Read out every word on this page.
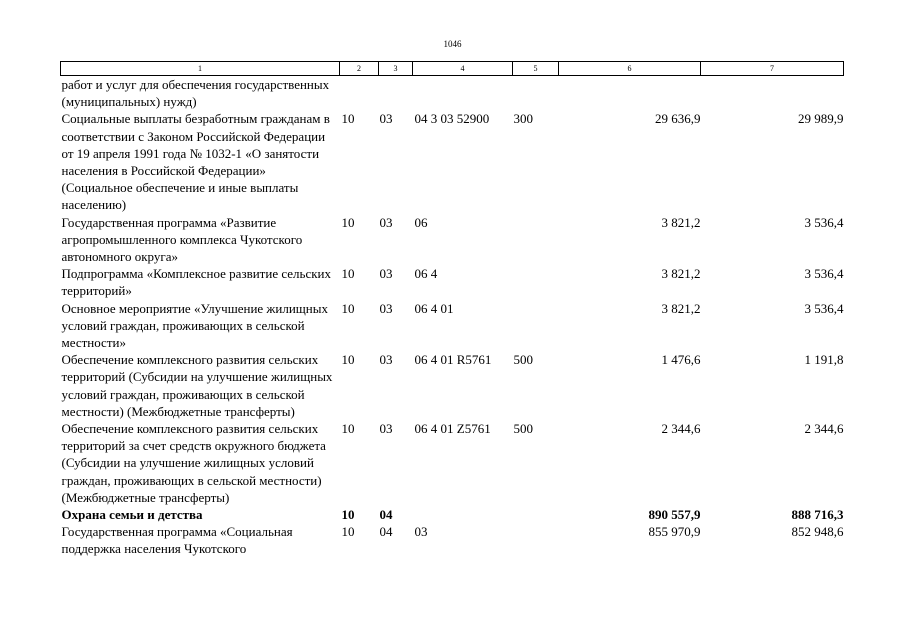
1046
1	2	3	4	5	6	7
работ и услуг для обеспечения государственных (муниципальных) нужд)						
Социальные выплаты безработным гражданам в соответствии с Законом Российской Федерации от 19 апреля 1991 года № 1032-1 «О занятости населения в Российской Федерации» (Социальное обеспечение и иные выплаты населению)	10	03	04 3 03 52900	300	29 636,9	29 989,9
Государственная программа «Развитие агропромышленного комплекса Чукотского автономного округа»	10	03	06		3 821,2	3 536,4
Подпрограмма «Комплексное развитие сельских территорий»	10	03	06 4		3 821,2	3 536,4
Основное мероприятие «Улучшение жилищных условий граждан, проживающих в сельской местности»	10	03	06 4 01		3 821,2	3 536,4
Обеспечение комплексного развития сельских территорий (Субсидии на улучшение жилищных условий граждан, проживающих в сельской местности) (Межбюджетные трансферты)	10	03	06 4 01 R5761	500	1 476,6	1 191,8
Обеспечение комплексного развития сельских территорий за счет средств окружного бюджета (Субсидии на улучшение жилищных условий граждан, проживающих в сельской местности) (Межбюджетные трансферты)	10	03	06 4 01 Z5761	500	2 344,6	2 344,6
Охрана семьи и детства	10	04			890 557,9	888 716,3
Государственная программа «Социальная поддержка населения Чукотского	10	04	03		855 970,9	852 948,6
